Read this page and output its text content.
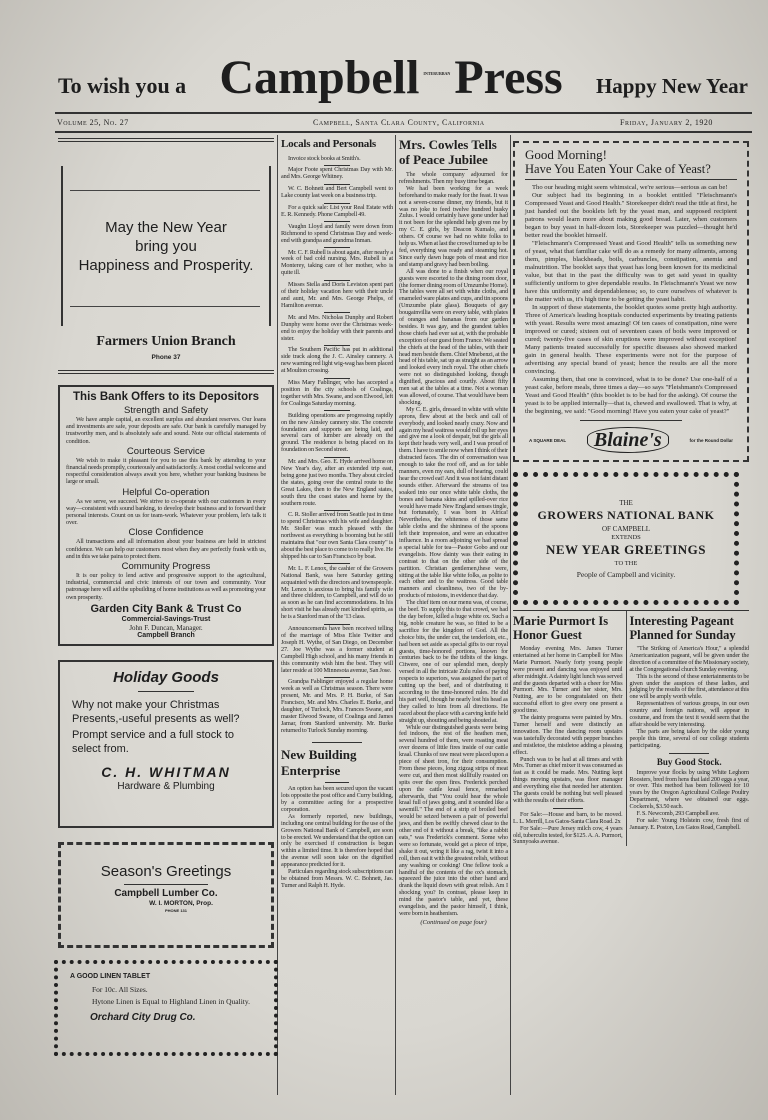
To wish you a Campbell INTERURBAN Press Happy New Year
Volume 25, No. 27	Campbell, Santa Clara County, California	Friday, January 2, 1920
May the New Year
bring you
Happiness and Prosperity.
Farmers Union Branch
Phone 37
This Bank Offers to its Depositors
Strength and Safety
We have ample capital, an excellent surplus and abundant reserves. Our loans and investments are safe, your deposits are safe. Our bank is carefully managed by trustworthy men, and is absolutely safe and sound. Note our official statements of condition.
Courteous Service
We wish to make it pleasant for you to use this bank by attending to your financial needs promptly, courteously and satisfactorily. A most cordial welcome and respectful consideration always await you here, whether your banking business be large or small.
Helpful Co-operation
As we serve, we succeed. We strive to co-operate with our customers in every way—consistent with sound banking, to develop their business and to forward their personal interests. Count on us for team-work. Whatever your problem, let's talk it over.
Close Confidence
All transactions and all information about your business are held in strictest confidence. We can help our customers most when they are perfectly frank with us, and in this we take pains to protect them.
Community Progress
It is our policy to lend active and progressive support to the agricultural, industrial, commercial and civic interests of our town and community. Your patronage here will aid the upbuilding of home institutions as well as promoting your own prosperity.
Garden City Bank & Trust Co
Commercial-Savings-Trust
John F. Duncan, Manager.
Campbell Branch
Holiday Goods
Why not make your Christmas Presents,-useful presents as well?
Prompt service and a full stock to select from.
C. H. WHITMAN
Hardware & Plumbing
Season's Greetings
Campbell Lumber Co.
W. I. MORTON, Prop.
PHONE 131
A GOOD LINEN TABLET
For 10c. All Sizes.
Hytone Linen is Equal to Highland Linen in Quality.
Orchard City Drug Co.
Locals and Personals

Invoice stock books at Smith's.

Major Foote spent Christmas Day with Mr. and Mrs. George Whitney.

W. C. Bohnett and Bert Campbell went to Lake county last week on a business trip.

For a quick sale: List your Real Estate with E. R. Kennedy. Phone Campbell 49.

Vaughn Lloyd and family were down from Richmond to spend Christmas Day and week-end with grandpa and grandma Inman.

Mr. C. F. Rubell is about again, after nearly a week of bad cold nursing. Mrs. Rubell is at Monterey, taking care of her mother, who is quite ill.

Misses Stella and Doris Leviston spent part of their holiday vacation here with their uncle and aunt, Mr. and Mrs. George Phelps, of Hamilton avenue.

Mr. and Mrs. Nicholas Dunphy and Robert Dunphy were home over the Christmas week-end to enjoy the holiday with their parents and sister.

The Southern Pacific has put in additional side track along the J. C. Ainsley cannery. A new warning red light wig-wag has been placed at Moulton crossing.

Miss Mary Fablinger, who has accepted a position in the city schools of Coalinga, together with Mrs. Swane, and son Elwood, left for Coalinga Saturday morning.

Building operations are progressing rapidly on the new Ainsley cannery site. The concrete foundation and supports are being laid, and several cars of lumber are already on the ground. The residence is being placed on its foundation on Second street.

Mr. and Mrs. Geo. E. Hyde arrived home on New Year's day, after an extended trip east, being gone just two months. They about circled the states, going over the central route to the Great Lakes, then to the New England states, south thru the coast states and home by the southern route.

C. R. Stoller arrived from Seattle just in time to spend Christmas with his wife and daughter. Mr. Stoller was much pleased with the northwest as everything is booming but he still maintains that "our own Santa Clara county" is about the best place to come to to really live. He shipped his car to San Francisco by boat.

Mr. L. F. Lenox, the cashier of the Growers National Bank, was here Saturday getting acquainted with the directors and townspeople. Mr. Lenox is anxious to bring his family wife and three children, to Campbell, and will do so as soon as he can find accommodations. In his short visit he has already met kindred spirits, as he is a Stanford man of the '13 class.

Announcements have been received telling of the marriage of Miss Elsie Twitter and Joseph H. Wythe, of San Diego, on December 27. Joe Wythe was a former student at Campbell High school, and his many friends in this community wish him the best. They will later reside at 100 Minnesota avenue, San Jose.

Grandpa Fablinger enjoyed a regular home week as well as Christmas season. There were present, Mr. and Mrs. P. H. Burke, of San Francisco, Mr. and Mrs. Charles E. Burke, and daughter, of Turlock, Mrs. Frances Swane, and master Elwood Swane, of Coalinga and James Jamar, from Stanford university. Mr. Burke returned to Turlock Sunday morning.

New Building Enterprise

An option has been secured upon the vacant lots opposite the post office and Curry building, by a committee acting for a prospective corporation.

As formerly reported, new buildings, including one central building for the use of the Growers National Bank of Campbell, are soon to be erected. We understand that the option can only be exercised if construction is begun within a limited time. It is therefore hoped that the avenue will soon take on the dignified appearance predicted for it.

Particulars regarding stock subscriptions can be obtained from Messrs. W. C. Bohnett, Jas. Turner and Ralph H. Hyde.

Mrs. Cowles Tells of Peace Jubilee

The whole company adjourned for refreshments. Then my busy time began.

We had been working for a week beforehand to make ready for the feast. It was not a seven-course dinner, my friends, but it was no joke to feed twelve hundred husky Zulus. I would certainly have gone under had it not been for the splendid help given me by my C. E. girls, by Deacon Kumalo, and others. Of course we had no white folks to help us. When at last the crowd turned up to be fed, everything was ready and steaming hot. Since early dawn huge pots of meat and rice and stamp and gravy had been boiling.

All was done to a finish when our royal guests were escorted to the dining room door, (the former dining room of Umzumbe Home). The tables were all set with white cloths, and enameled ware plates and cups, and tin spoons (Umzumbe plate glass). Bouquets of gay bougainvillia were on every table, with plates of oranges and bananas from our garden besides. It was gay, and the grandest tables those chiefs had ever sat at, with the probable exception of our guest from France. We seated the chiefs at the head of the tables, with their head men beside them. Chief Mnebenzi, at the head of his table, sat up as straight as an arrow and looked every inch royal. The other chiefs were not so distinguished looking, though dignified, gracious and courtly. About fifty men sat at the tables at a time. Not a woman was allowed, of course. That would have been shocking.

My C. E. girls, dressed in white with white aprons, flew about at the beck and call of everybody, and looked nearly crazy. Now and again my head waitress would roll up her eyes and give me a look of despair, but the girls all kept their heads very well, and I was proud of them. I have to smile now when I think of their distracted faces. The din of conversation was enough to take the roof off, and as for table manners, even my ears, dull of hearing, could hear the crowd eat! And it was not faint distant sounds either. Afterward the streams of tea soaked into our once white table cloths, the bones and banana skins and spilled-over rice would have made New England senses tingle, but fortunately, I was born in Africa! Nevertheless, the whiteness of those same table cloths and the shininess of the spoons left their impression, and were an educative influence. In a room adjoining we had spread a special table for tea—Pastor Gobo and our evangelists. How dainty was their eating in contrast to that on the other side of the partition. Christian gentlemen,these were, sitting at the table like white folks, as polite to each other and to the waitress. Good table manners and cleanliness, two of the by-products of missions, in evidence that day.

The chief item on our menu was, of course, the beef. To supply this to that crowd, we had the day before, killed a huge white ox. Such a big, noble creature he was, so fitted to be a sacrifice for the kingdom of God. All the choice bits, the under cut, the tenderloin, etc., had been set aside as special gifts to our royal guests, time-honored portions, known for centuries back to be the tidbits of the kings. Citwere, one of our splendid men, deeply versed in all the intricate Zulu rules of paying respects to superiors, was assigned the part of cutting up the beef, and of distributing it according to the time-honored rules. He did his part well, though he nearly lost his head as they called to him from all directions. He raced about the place with a carving knife held straight up, shouting and being shouted at.

While our distinguished guests were being fed indoors, the rest of the heathen men, several hundred of them, were roasting meat over dozens of little fires inside of our cattle kraal. Chunks of raw meat were placed upon a piece of sheet iron, for their consumption. From these pieces, long zigzag strips of meat were cut, and then most skillfully roasted on spits over the open fires. Frederick perched upon the cattle kraal fence, remarked afterwards, that "You could hear the whole kraal full of jaws going, and it sounded like a sawmill." The end of a strip of broiled beef would be seized between a pair of powerful jaws, and then be swiftly chewed clear to the other end of it without a break, "like a rabbit eats," was Frederick's comment. Some who were so fortunate, would get a piece of tripe, shake it out, wring it like a rag, twist it into a roll, then eat it with the greatest relish, without any washing or cooking! One fellow took a handful of the contents of the ox's stomach, squeezed the juice into the other hand and drank the liquid down with great relish. Am I shocking you? In contrast, please keep in mind the pastor's table, and yet, these evangelists, and the pastor himself, I think, were born in heathenism.

(Continued on page four)
Good Morning!
Have You Eaten Your Cake of Yeast?

Tho our heading might seem whimsical, we're serious—serious as can be!

Our subject had its beginning in a booklet entitled "Fleischmann's Compressed Yeast and Good Health." Storekeeper didn't read the title at first, he just handed out the booklets left by the yeast man, and supposed recipient patrons would learn more about making good bread. Later, when customers began to buy yeast in half-dozen lots, Storekeeper was puzzled—thought he'd better read the booklet himself.

"Fleischmann's Compressed Yeast and Good Health" tells us something new of yeast, what that familiar cake will do as a remedy for many ailments, among them, pimples, blackheads, boils, carbuncles, constipation, anemia and malnutrition. The booklet says that yeast has long been known for its medicinal value, but that in the past the difficulty was to get said yeast in quality sufficiently uniform to give dependable results. In Fleischmann's Yeast we now have this uniformity and dependableness; so, to cure ourselves of whatever is the matter with us, it's high time to be getting the yeast habit.

In support of these statements, the booklet quotes some pretty high authority. Three of America's leading hospitals conducted experiments by treating patients with yeast. Results were most amazing! Of ten cases of constipation, nine were improved or cured; sixteen out of seventeen cases of boils were improved or cured; twenty-five cases of skin eruptions were improved without exception! Many patients treated successfully for specific diseases also showed marked gain in general health. These experiments were not for the purpose of advertising any special brand of yeast; hence the results are all the more convincing.

Assuming then, that one is convinced, what is to be done? Use one-half of a yeast cake, before meals, three times a day—so says "Fleishmann's Compressed Yeast and Good Health" (this booklet is to be had for the asking). Of course the yeast is to be applied internally—that is, chewed and swallowed. That is why, at the beginning, we said: "Good morning! Have you eaten your cake of yeast?"

A SQUARE DEAL	Blaine's	for the Round Dollar
THE
GROWERS NATIONAL BANK
OF CAMPBELL
EXTENDS
NEW YEAR GREETINGS
TO THE
People of Campbell and vicinity.
Marie Purmort Is Honor Guest

Monday evening Mrs. James Turner entertained at her home in Campbell for Miss Marie Purmort. Nearly forty young people were present and dancing was enjoyed until after midnight. A dainty light lunch was served and the guests departed with a cheer for Miss Purmort. Mrs. Turner and her sister, Mrs. Nutting, are to be congratulated on their successful effort to give every one present a good time.

The dainty programs were painted by Mrs. Turner herself and were distinctly an innovation. The fine dancing room upstairs was tastefully decorated with pepper branches and mistletoe, the mistletoe adding a pleasing effect.

Punch was to be had at all times and with Mrs. Turner as chief mixer it was consumed as fast as it could be made. Mrs. Nutting kept things moving upstairs, was floor manager and everything else that needed her attention. The guests could be nothing but well pleased with the results of their efforts.

For Sale:—House and barn, to be moved. L. L. Merrill, Los Gatos-Santa Clara Road. 2x

For Sale:—Pure Jersey milch cow, 4 years old, tuberculin tested, for $125. A. A. Purmort, Sunnyoaks avenue.

Interesting Pageant Planned for Sunday

"The Striking of America's Hour," a splendid Americanization pageant, will be given under the direction of a committee of the Missionary society, at the Congregational church Sunday evening.

This is the second of these entertainments to be given under the auspices of these ladies, and judging by the results of the first, attendance at this one will be amply worth while.

Representatives of various groups, in our own country and foreign nations, will appear in costume, and from the text it would seem that the affair should be very interesting.

The parts are being taken by the older young people this time, several of our college students participating.

Buy Good Stock.

Improve your flocks by using White Leghorn Roosters, bred from hens that laid 200 eggs a year, or over. This method has been followed for 10 years by the Oregon Agricultural College Poultry Department, where we obtained our eggs. Cockerels, $3.50 each.

F. S. Newcomb, 293 Campbell ave.

For sale: Young Holstein cow, fresh first of January. E. Poston, Los Gatos Road, Campbell.
